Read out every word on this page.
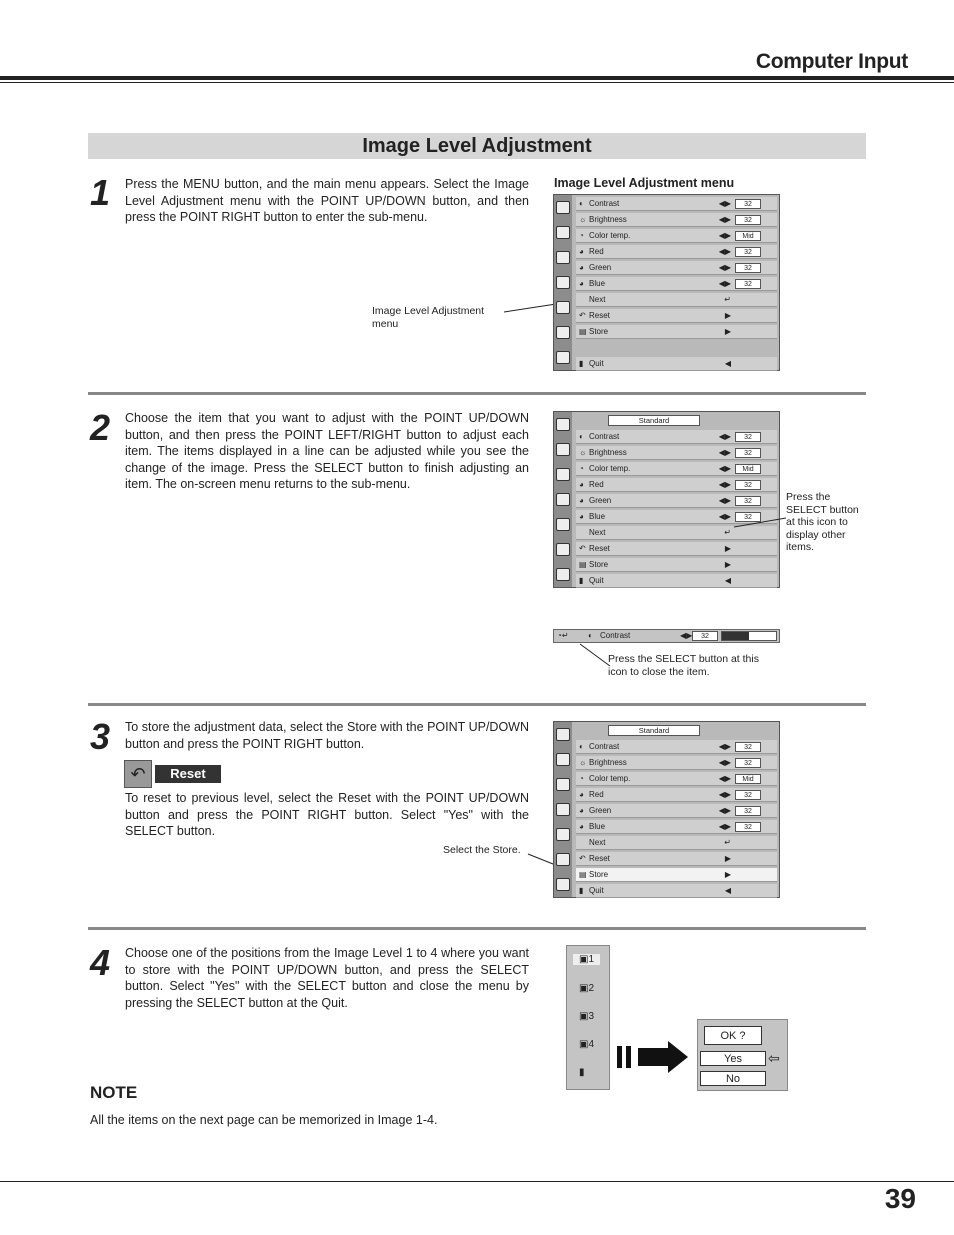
Computer Input
Image Level Adjustment
1 Press the MENU button, and the main menu appears. Select the Image Level Adjustment menu with the POINT UP/DOWN button, and then press the POINT RIGHT button to enter the sub-menu.
Image Level Adjustment menu
Image Level Adjustment menu
◐ Contrast	◀▶	32
☼ Brightness	◀▶	32
◔ Color temp.	◀▶	Mid
◕ Red	◀▶	32
◕ Green	◀▶	32
◕ Blue	◀▶	32
Next	↵
↶ Reset	▶
▤ Store	▶
▮ Quit	◀
2 Choose the item that you want to adjust with the POINT UP/DOWN button, and then press the POINT LEFT/RIGHT button to adjust each item. The items displayed in a line can be adjusted while you see the change of the image. Press the SELECT button to finish adjusting an item. The on-screen menu returns to the sub-menu.
Standard
◐ Contrast	◀▶	32
☼ Brightness	◀▶	32
◔ Color temp.	◀▶	Mid
◕ Red	◀▶	32
◕ Green	◀▶	32
◕ Blue	◀▶	32
Next	↵
↶ Reset	▶
▤ Store	▶
▮ Quit	◀
Press the SELECT button at this icon to display other items.
◔↵ ◐ Contrast	◀▶	32
Press the SELECT button at this icon to close the item.
3 To store the adjustment data, select the Store with the POINT UP/DOWN button and press the POINT RIGHT button.
↶	Reset
To reset to previous level, select the Reset with the POINT UP/DOWN button and press the POINT RIGHT button. Select "Yes" with the SELECT button.
Select the Store.
Standard
◐ Contrast	◀▶	32
☼ Brightness	◀▶	32
◔ Color temp.	◀▶	Mid
◕ Red	◀▶	32
◕ Green	◀▶	32
◕ Blue	◀▶	32
Next	↵
↶ Reset	▶
▤ Store	▶
▮ Quit	◀
4 Choose one of the positions from the Image Level 1 to 4 where you want to store with the POINT UP/DOWN button, and press the SELECT button. Select "Yes" with the SELECT button and close the menu by pressing the SELECT button at the Quit.
▣1
▣2
▣3
▣4
▮
OK ?
Yes
No
⇦
NOTE
All the items on the next page can be memorized in Image 1-4.
39
